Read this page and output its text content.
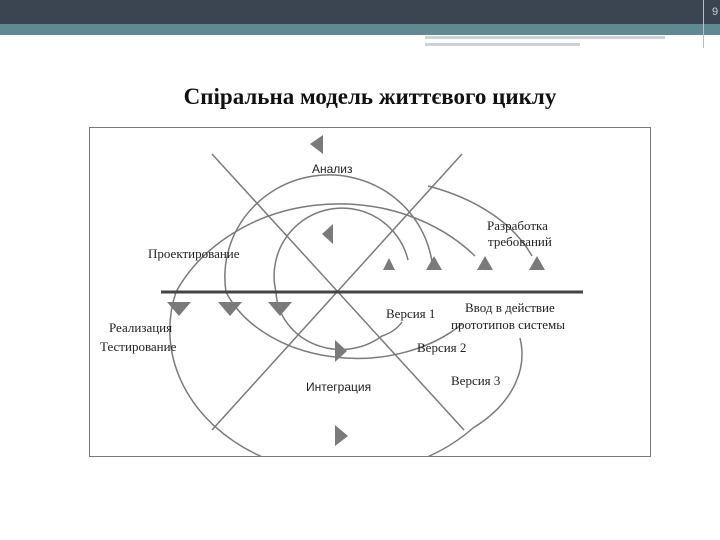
9
Спіральна модель життєвого циклу
Анализ
Разработка
требований
Проектирование
Реализация
Тестирование
Интеграция
Ввод в действие
прототипов системы
Версия 1
Версия 2
Версия 3
